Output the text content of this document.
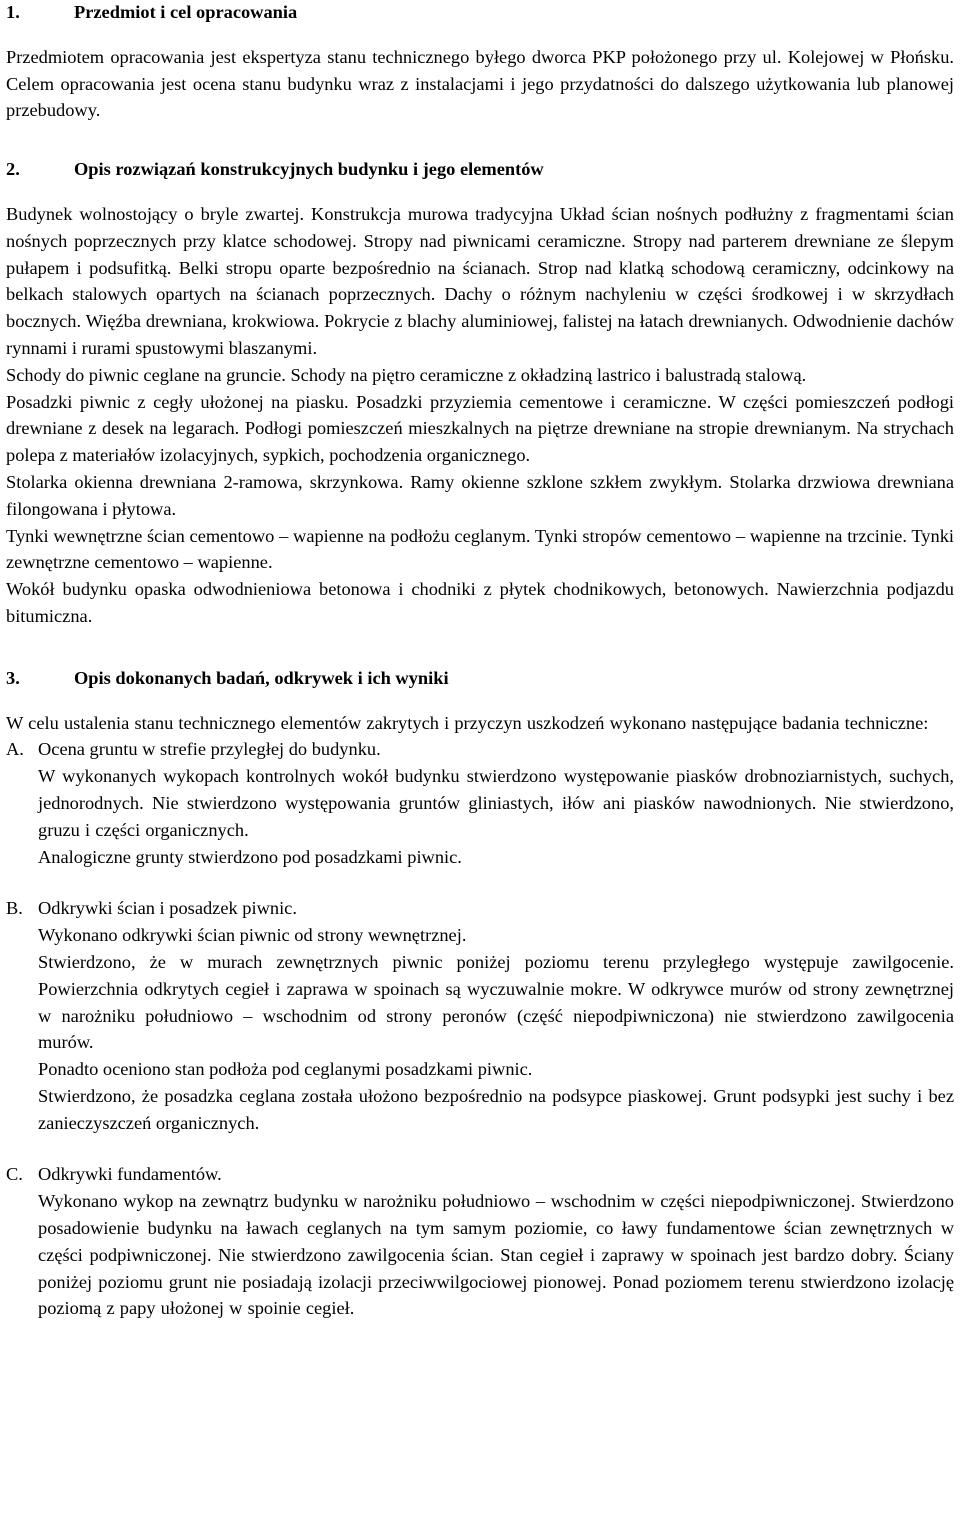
1.	Przedmiot i cel opracowania

Przedmiotem opracowania jest ekspertyza stanu technicznego byłego dworca PKP położonego przy ul. Kolejowej w Płońsku. Celem opracowania jest ocena stanu budynku wraz z instalacjami i jego przydatności do dalszego użytkowania lub planowej przebudowy.

2.	Opis rozwiązań konstrukcyjnych budynku i jego elementów

Budynek wolnostojący o bryle zwartej. Konstrukcja murowa tradycyjna Układ ścian nośnych podłużny z fragmentami ścian nośnych poprzecznych przy klatce schodowej. Stropy nad piwnicami ceramiczne. Stropy nad parterem drewniane ze ślepym pułapem i podsufitką. Belki stropu oparte bezpośrednio na ścianach. Strop nad klatką schodową ceramiczny, odcinkowy na belkach stalowych opartych na ścianach poprzecznych. Dachy o różnym nachyleniu w części środkowej i w skrzydłach bocznych. Więźba drewniana, krokwiowa. Pokrycie z blachy aluminiowej, falistej na łatach drewnianych. Odwodnienie dachów rynnami i rurami spustowymi blaszanymi.

Schody do piwnic ceglane na gruncie. Schody na piętro ceramiczne z okładziną lastrico i balustradą stalową.

Posadzki piwnic z cegły ułożonej na piasku. Posadzki przyziemia cementowe i ceramiczne. W części pomieszczeń podłogi drewniane z desek na legarach. Podłogi pomieszczeń mieszkalnych na piętrze drewniane na stropie drewnianym. Na strychach polepa z materiałów izolacyjnych, sypkich, pochodzenia organicznego.

Stolarka okienna drewniana 2-ramowa, skrzynkowa. Ramy okienne szklone szkłem zwykłym. Stolarka drzwiowa drewniana filongowana i płytowa.

Tynki wewnętrzne ścian cementowo – wapienne na podłożu ceglanym. Tynki stropów cementowo – wapienne na trzcinie. Tynki zewnętrzne cementowo – wapienne.

Wokół budynku opaska odwodnieniowa betonowa i chodniki z płytek chodnikowych, betonowych. Nawierzchnia podjazdu bitumiczna.

3.	Opis dokonanych badań, odkrywek i ich wyniki

W celu ustalenia stanu technicznego elementów zakrytych i przyczyn uszkodzeń wykonano następujące badania techniczne:

A. Ocena gruntu w strefie przyległej do budynku.

W wykonanych wykopach kontrolnych wokół budynku stwierdzono występowanie piasków drobnoziarnistych, suchych, jednorodnych. Nie stwierdzono występowania gruntów gliniastych, iłów ani piasków nawodnionych. Nie stwierdzono, gruzu i części organicznych.

Analogiczne grunty stwierdzono pod posadzkami piwnic.

B. Odkrywki ścian i posadzek piwnic.

Wykonano odkrywki ścian piwnic od strony wewnętrznej.

Stwierdzono, że w murach zewnętrznych piwnic poniżej poziomu terenu przyległego występuje zawilgocenie. Powierzchnia odkrytych cegieł i zaprawa w spoinach są wyczuwalnie mokre. W odkrywce murów od strony zewnętrznej w narożniku południowo – wschodnim od strony peronów (część niepodpiwniczona) nie stwierdzono zawilgocenia murów.

Ponadto oceniono stan podłoża pod ceglanymi posadzkami piwnic.

Stwierdzono, że posadzka ceglana została ułożono bezpośrednio na podsypce piaskowej. Grunt podsypki jest suchy i bez zanieczyszczeń organicznych.

C. Odkrywki fundamentów.

Wykonano wykop na zewnątrz budynku w narożniku południowo – wschodnim w części niepodpiwniczonej. Stwierdzono posadowienie budynku na ławach ceglanych na tym samym poziomie, co ławy fundamentowe ścian zewnętrznych w części podpiwniczonej. Nie stwierdzono zawilgocenia ścian. Stan cegieł i zaprawy w spoinach jest bardzo dobry. Ściany poniżej poziomu grunt nie posiadają izolacji przeciwwilgociowej pionowej. Ponad poziomem terenu stwierdzono izolację poziomą z papy ułożonej w spoinie cegieł.
